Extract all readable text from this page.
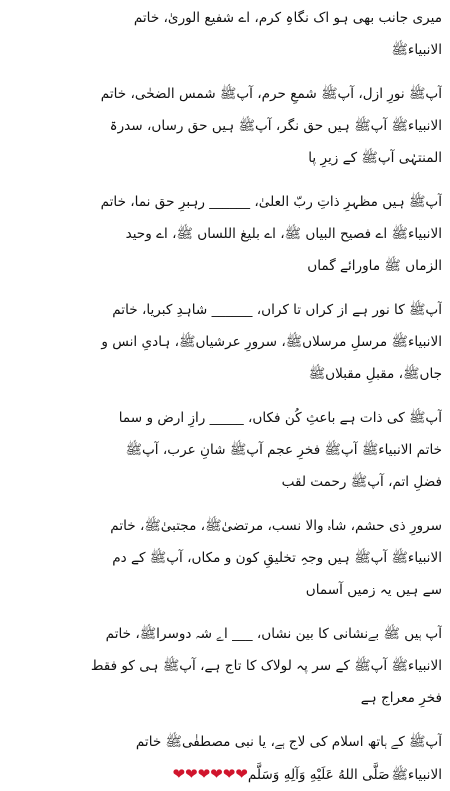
میری جانب بھی ہو اک نگاہِ کرم، اے شفیع الوریٰ، خاتم
الانبیاءﷺ
آپﷺ نورِ ازل، آپﷺ شمعِ حرم، آپﷺ شمس الضحٰی، خاتم
الانبیاءﷺ آپﷺ ہیں حق نگر، آپﷺ ہیں حق رساں، سدرۃ
المنتہٰی آپﷺ کے زیرِ پا
آپﷺ ہیں مظہرِ ذاتِ ربّ العلیٰ، ______ رہبرِ حق نما، خاتم
الانبیاءﷺ اے فصیح البیاں ﷺ، اے بلیغ اللساں ﷺ، اے وحید
الزماں ﷺ ماورائے گماں
آپﷺ کا نور ہے از کراں تا کراں، ______ شاہدِ کبریا، خاتم
الانبیاءﷺ مرسلِ مرسلاںﷺ، سرورِ عرشیاںﷺ، ہادیِ انس و
جاںﷺ، مقبلِ مقبلاںﷺ
آپﷺ کی ذات ہے باعثِ کُن فکاں، _____ رازِ ارض و سما
خاتم الانبیاءﷺ آپﷺ فخرِ عجم آپﷺ شانِ عرب، آپﷺ
فضلِ اتم، آپﷺ رحمت لقب
سرورِ ذی حشم، شاہ والا نسب، مرتضیٰﷺ، مجتبیٰﷺ، خاتم
الانبیاءﷺ آپﷺ ہیں وجہِ تخلیقِ کون و مکاں، آپﷺ کے دم
سے ہیں یہ زمیں آسماں
آپ ہیں ﷺ بےنشانی کا بین نشاں، ___ اے شہ دوسراﷺ، خاتم
الانبیاءﷺ آپﷺ کے سر پہ لولاک کا تاج ہے، آپﷺ ہی کو فقط
فخرِ معراج ہے
آپﷺ کے ہاتھ اسلام کی لاج ہے، یا نبی مصطفٰیﷺ خاتم
الانبیاءﷺصَلَّى اللهُ عَلَيْهِ وَآلِهِ وَسَلَّم❤❤❤❤❤❤
